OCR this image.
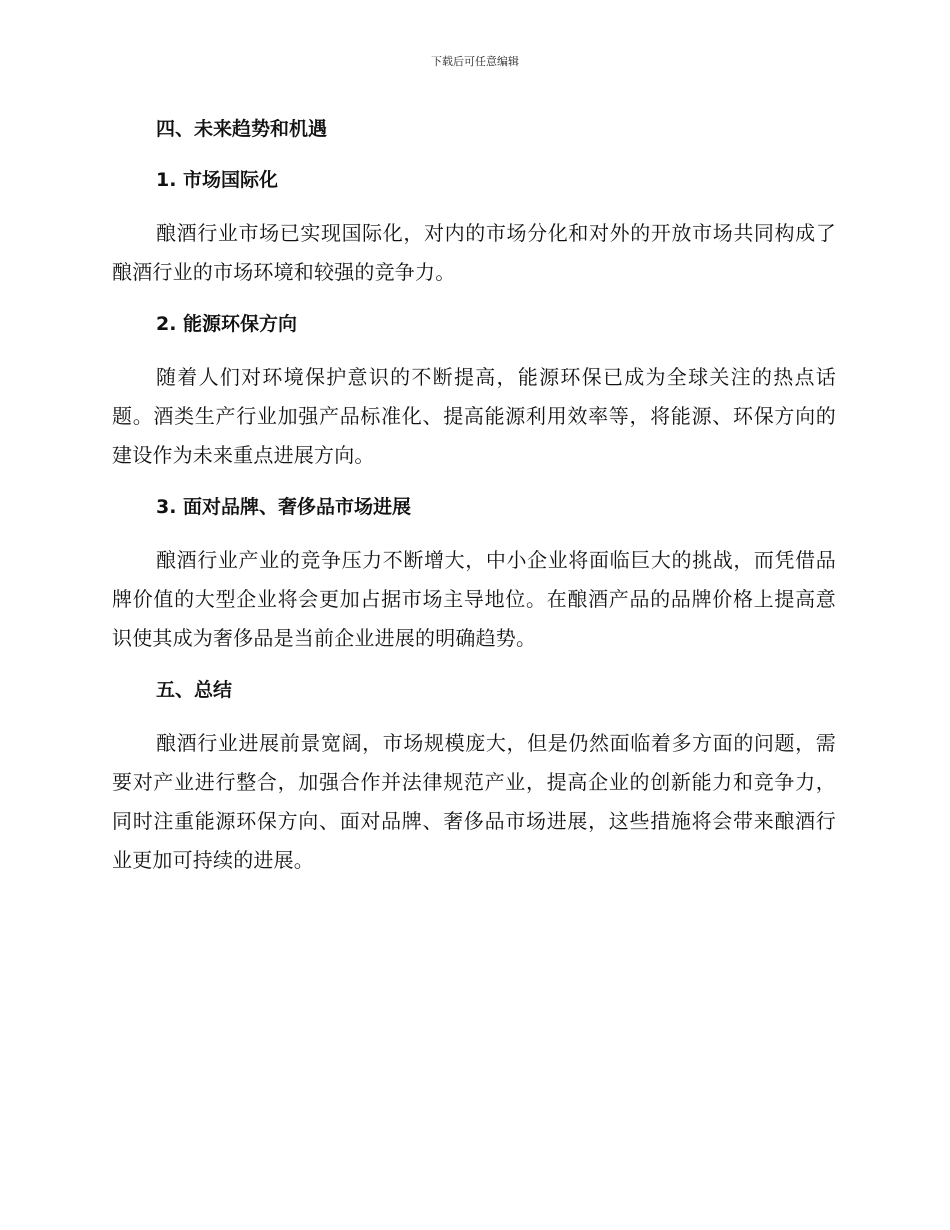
下载后可任意编辑
四、未来趋势和机遇
1. 市场国际化

酿酒行业市场已实现国际化，对内的市场分化和对外的开放市场共同构成了酿酒行业的市场环境和较强的竞争力。

2. 能源环保方向

随着人们对环境保护意识的不断提高，能源环保已成为全球关注的热点话题。酒类生产行业加强产品标准化、提高能源利用效率等，将能源、环保方向的建设作为未来重点进展方向。

3. 面对品牌、奢侈品市场进展

酿酒行业产业的竞争压力不断增大，中小企业将面临巨大的挑战，而凭借品牌价值的大型企业将会更加占据市场主导地位。在酿酒产品的品牌价格上提高意识使其成为奢侈品是当前企业进展的明确趋势。

五、总结

酿酒行业进展前景宽阔，市场规模庞大，但是仍然面临着多方面的问题，需要对产业进行整合，加强合作并法律规范产业，提高企业的创新能力和竞争力，同时注重能源环保方向、面对品牌、奢侈品市场进展，这些措施将会带来酿酒行业更加可持续的进展。
